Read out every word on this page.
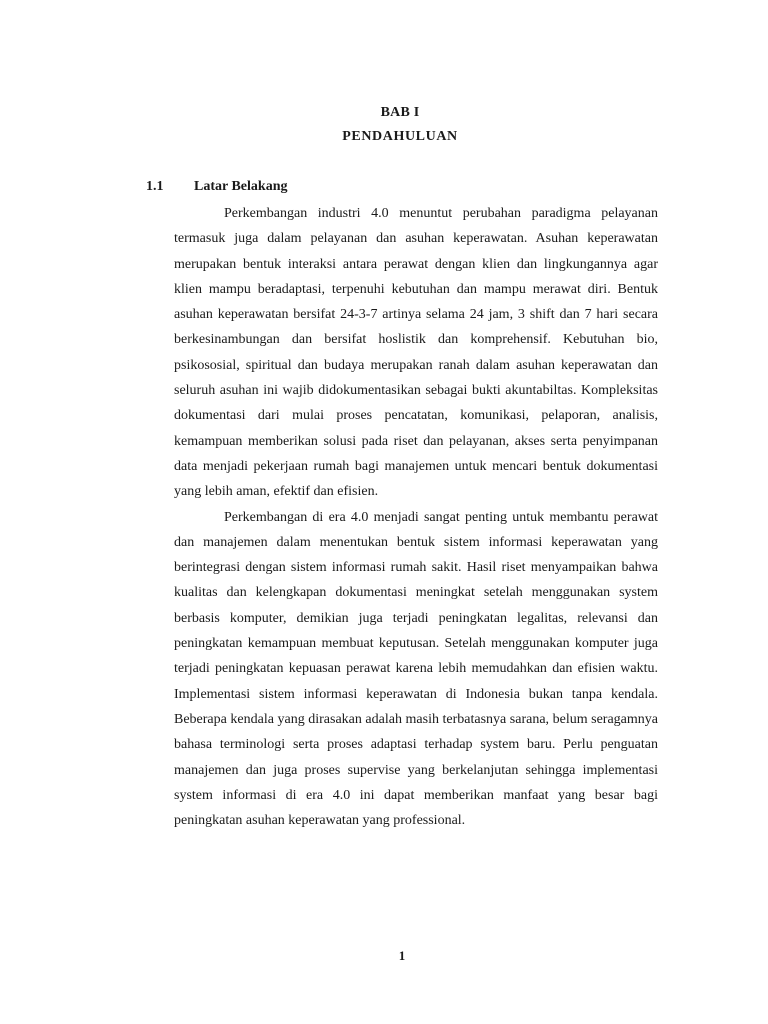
BAB I
PENDAHULUAN
1.1 Latar Belakang

Perkembangan industri 4.0 menuntut perubahan paradigma pelayanan termasuk juga dalam pelayanan dan asuhan keperawatan. Asuhan keperawatan merupakan bentuk interaksi antara perawat dengan klien dan lingkungannya agar klien mampu beradaptasi, terpenuhi kebutuhan dan mampu merawat diri. Bentuk asuhan keperawatan bersifat 24-3-7 artinya selama 24 jam, 3 shift dan 7 hari secara berkesinambungan dan bersifat hoslistik dan komprehensif. Kebutuhan bio, psikososial, spiritual dan budaya merupakan ranah dalam asuhan keperawatan dan seluruh asuhan ini wajib didokumentasikan sebagai bukti akuntabiltas. Kompleksitas dokumentasi dari mulai proses pencatatan, komunikasi, pelaporan, analisis, kemampuan memberikan solusi pada riset dan pelayanan, akses serta penyimpanan data menjadi pekerjaan rumah bagi manajemen untuk mencari bentuk dokumentasi yang lebih aman, efektif dan efisien.

Perkembangan di era 4.0 menjadi sangat penting untuk membantu perawat dan manajemen dalam menentukan bentuk sistem informasi keperawatan yang berintegrasi dengan sistem informasi rumah sakit. Hasil riset menyampaikan bahwa kualitas dan kelengkapan dokumentasi meningkat setelah menggunakan system berbasis komputer, demikian juga terjadi peningkatan legalitas, relevansi dan peningkatan kemampuan membuat keputusan. Setelah menggunakan komputer juga terjadi peningkatan kepuasan perawat karena lebih memudahkan dan efisien waktu. Implementasi sistem informasi keperawatan di Indonesia bukan tanpa kendala. Beberapa kendala yang dirasakan adalah masih terbatasnya sarana, belum seragamnya bahasa terminologi serta proses adaptasi terhadap system baru. Perlu penguatan manajemen dan juga proses supervise yang berkelanjutan sehingga implementasi system informasi di era 4.0 ini dapat memberikan manfaat yang besar bagi peningkatan asuhan keperawatan yang professional.

1
